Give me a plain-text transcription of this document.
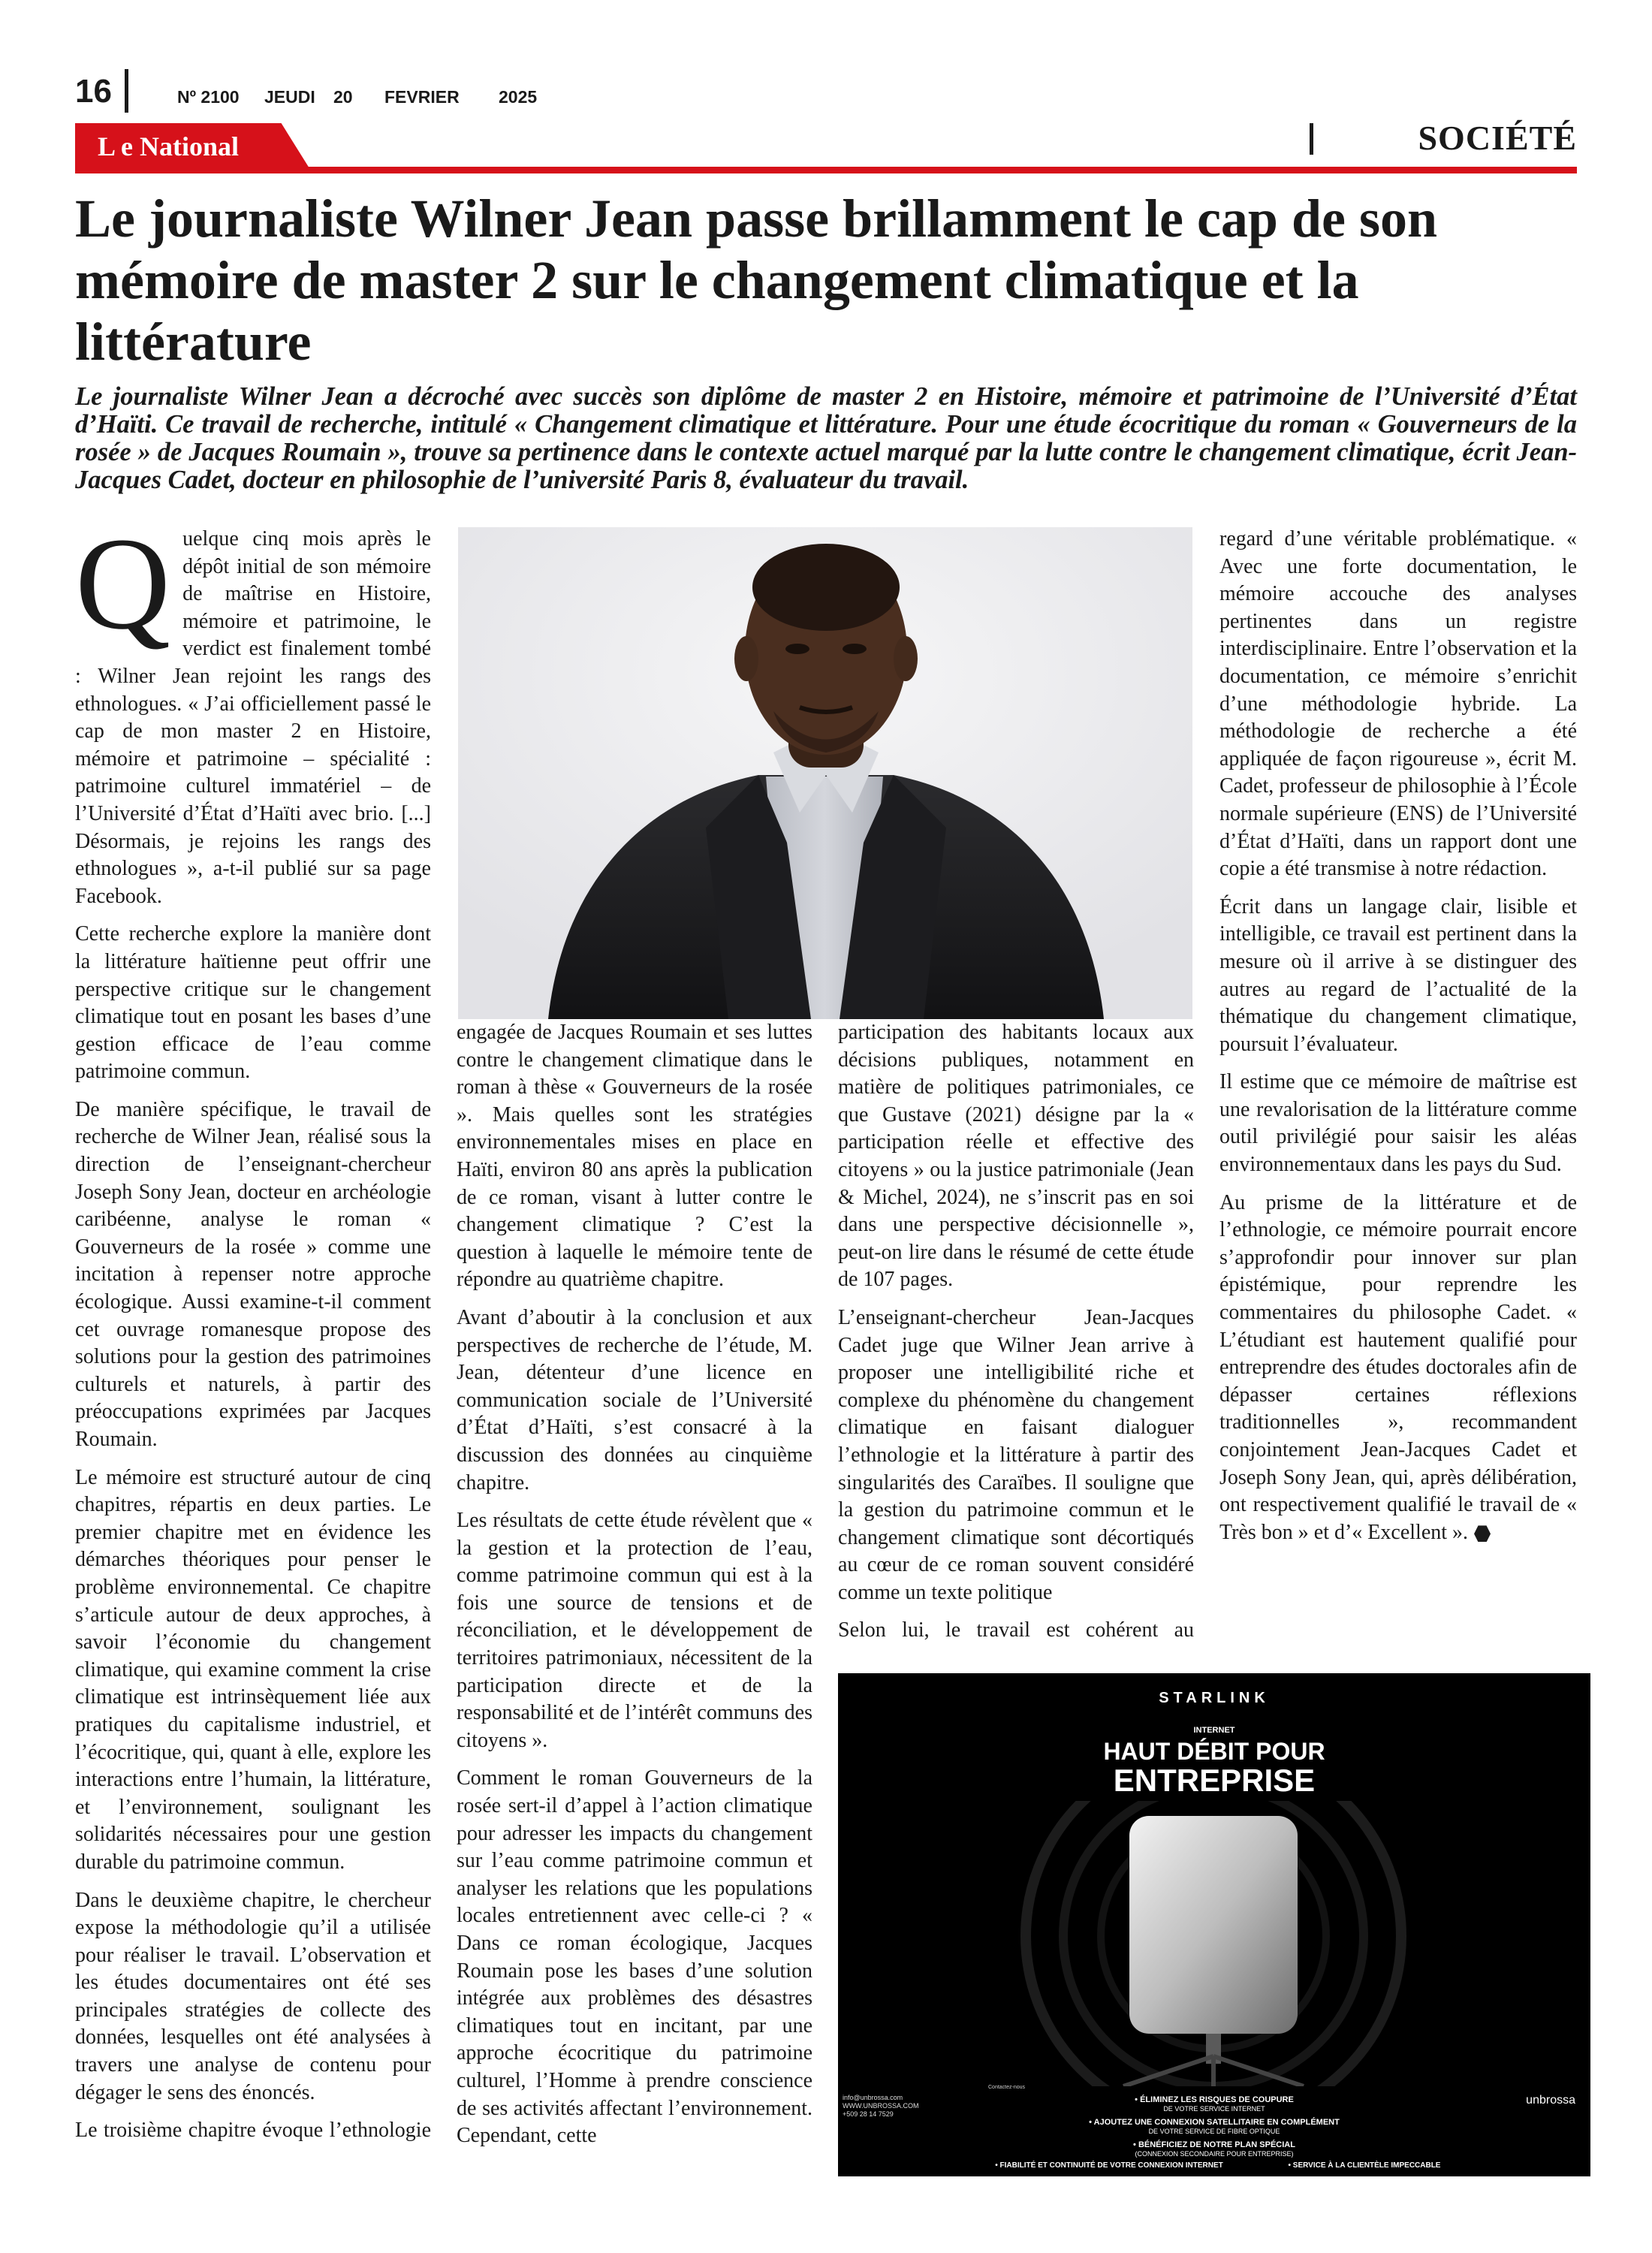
16	Nº 2100 JEUDI 20 FEVRIER 2025
L e National	SOCIÉTÉ
Le journaliste Wilner Jean passe brillamment le cap de son mémoire de master 2 sur le changement climatique et la littérature

Le journaliste Wilner Jean a décroché avec succès son diplôme de master 2 en Histoire, mémoire et patrimoine de l’Université d’État d’Haïti. Ce travail de recherche, intitulé « Changement climatique et littérature. Pour une étude écocritique du roman « Gouverneurs de la rosée » de Jacques Roumain », trouve sa pertinence dans le contexte actuel marqué par la lutte contre le changement climatique, écrit Jean-Jacques Cadet, docteur en philosophie de l’université Paris 8, évaluateur du travail.

Quelque cinq mois après le dépôt initial de son mémoire de maîtrise en Histoire, mémoire et patrimoine, le verdict est finalement tombé : Wilner Jean rejoint les rangs des ethnologues. « J’ai officiellement passé le cap de mon master 2 en Histoire, mémoire et patrimoine – spécialité : patrimoine culturel immatériel – de l’Université d’État d’Haïti avec brio. [...] Désormais, je rejoins les rangs des ethnologues », a-t-il publié sur sa page Facebook.

Cette recherche explore la manière dont la littérature haïtienne peut offrir une perspective critique sur le changement climatique tout en posant les bases d’une gestion efficace de l’eau comme patrimoine commun.

De manière spécifique, le travail de recherche de Wilner Jean, réalisé sous la direction de l’enseignant-chercheur Joseph Sony Jean, docteur en archéologie caribéenne, analyse le roman « Gouverneurs de la rosée » comme une incitation à repenser notre approche écologique. Aussi examine-t-il comment cet ouvrage romanesque propose des solutions pour la gestion des patrimoines culturels et naturels, à partir des préoccupations exprimées par Jacques Roumain.

Le mémoire est structuré autour de cinq chapitres, répartis en deux parties. Le premier chapitre met en évidence les démarches théoriques pour penser le problème environnemental. Ce chapitre s’articule autour de deux approches, à savoir l’économie du changement climatique, qui examine comment la crise climatique est intrinsèquement liée aux pratiques du capitalisme industriel, et l’écocritique, qui, quant à elle, explore les interactions entre l’humain, la littérature, et l’environnement, soulignant les solidarités nécessaires pour une gestion durable du patrimoine commun.

Dans le deuxième chapitre, le chercheur expose la méthodologie qu’il a utilisée pour réaliser le travail. L’observation et les études documentaires ont été ses principales stratégies de collecte des données, lesquelles ont été analysées à travers une analyse de contenu pour dégager le sens des énoncés.

Le troisième chapitre évoque l’ethnologie

engagée de Jacques Roumain et ses luttes contre le changement climatique dans le roman à thèse « Gouverneurs de la rosée ». Mais quelles sont les stratégies environnementales mises en place en Haïti, environ 80 ans après la publication de ce roman, visant à lutter contre le changement climatique ? C’est la question à laquelle le mémoire tente de répondre au quatrième chapitre.

Avant d’aboutir à la conclusion et aux perspectives de recherche de l’étude, M. Jean, détenteur d’une licence en communication sociale de l’Université d’État d’Haïti, s’est consacré à la discussion des données au cinquième chapitre.

Les résultats de cette étude révèlent que « la gestion et la protection de l’eau, comme patrimoine commun qui est à la fois une source de tensions et de réconciliation, et le développement de territoires patrimoniaux, nécessitent de la participation directe et de la responsabilité et de l’intérêt communs des citoyens ».

Comment le roman Gouverneurs de la rosée sert-il d’appel à l’action climatique pour adresser les impacts du changement sur l’eau comme patrimoine commun et analyser les relations que les populations locales entretiennent avec celle-ci ? « Dans ce roman écologique, Jacques Roumain pose les bases d’une solution intégrée aux problèmes des désastres climatiques tout en incitant, par une approche écocritique du patrimoine culturel, l’Homme à prendre conscience de ses activités affectant l’environnement. Cependant, cette

participation des habitants locaux aux décisions publiques, notamment en matière de politiques patrimoniales, ce que Gustave (2021) désigne par la « participation réelle et effective des citoyens » ou la justice patrimoniale (Jean & Michel, 2024), ne s’inscrit pas en soi dans une perspective décisionnelle », peut-on lire dans le résumé de cette étude de 107 pages.

L’enseignant-chercheur Jean-Jacques Cadet juge que Wilner Jean arrive à proposer une intelligibilité riche et complexe du phénomène du changement climatique en faisant dialoguer l’ethnologie et la littérature à partir des singularités des Caraïbes. Il souligne que la gestion du patrimoine commun et le changement climatique sont décortiqués au cœur de ce roman souvent considéré comme un texte politique

Selon lui, le travail est cohérent au

regard d’une véritable problématique. « Avec une forte documentation, le mémoire accouche des analyses pertinentes dans un registre interdisciplinaire. Entre l’observation et la documentation, ce mémoire s’enrichit d’une méthodologie hybride. La méthodologie de recherche a été appliquée de façon rigoureuse », écrit M. Cadet, professeur de philosophie à l’École normale supérieure (ENS) de l’Université d’État d’Haïti, dans un rapport dont une copie a été transmise à notre rédaction.

Écrit dans un langage clair, lisible et intelligible, ce travail est pertinent dans la mesure où il arrive à se distinguer des autres au regard de l’actualité de la thématique du changement climatique, poursuit l’évaluateur.

Il estime que ce mémoire de maîtrise est une revalorisation de la littérature comme outil privilégié pour saisir les aléas environnementaux dans les pays du Sud.

Au prisme de la littérature et de l’ethnologie, ce mémoire pourrait encore s’approfondir pour innover sur plan épistémique, pour reprendre les commentaires du philosophe Cadet. « L’étudiant est hautement qualifié pour entreprendre des études doctorales afin de dépasser certaines réflexions traditionnelles », recommandent conjointement Jean-Jacques Cadet et Joseph Sony Jean, qui, après délibération, ont respectivement qualifié le travail de « Très bon » et d’« Excellent ».

STARLINK
INTERNET
HAUT DÉBIT POUR
ENTREPRISE
• ÉLIMINEZ LES RISQUES DE COUPURE
DE VOTRE SERVICE INTERNET
• AJOUTEZ UNE CONNEXION SATELLITAIRE EN COMPLÉMENT
DE VOTRE SERVICE DE FIBRE OPTIQUE
• BÉNÉFICIEZ DE NOTRE PLAN SPÉCIAL
(CONNEXION SECONDAIRE POUR ENTREPRISE)
• FIABILITÉ ET CONTINUITÉ DE VOTRE CONNEXION INTERNET	• SERVICE À LA CLIENTÈLE IMPECCABLE
Contactez-nous
info@unbrossa.com
WWW.UNBROSSA.COM
+509 28 14 7529
unbrossa
